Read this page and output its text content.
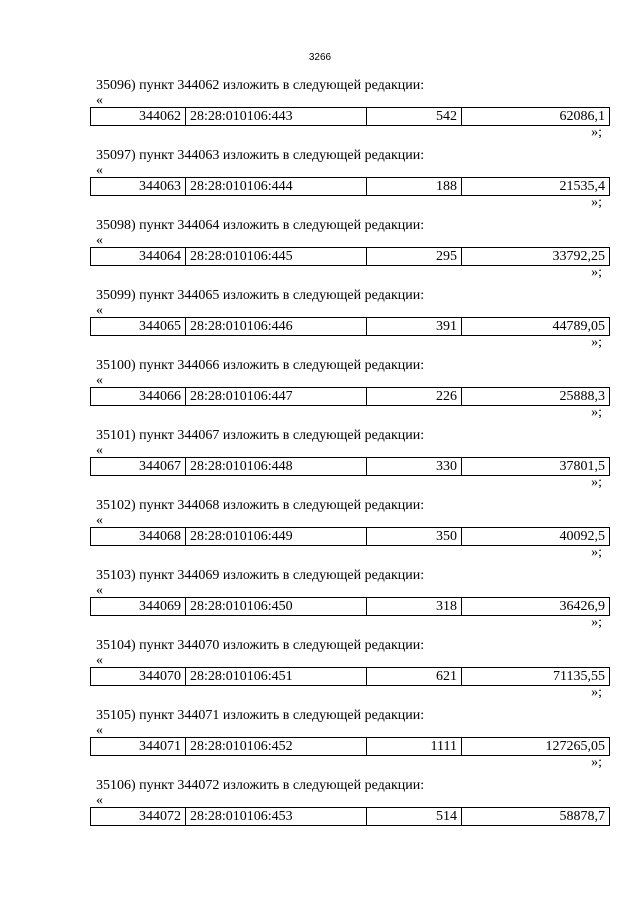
3266
35096) пункт 344062 изложить в следующей редакции:
«
344062	28:28:010106:443	542	62086,1
»;
35097) пункт 344063 изложить в следующей редакции:
«
344063	28:28:010106:444	188	21535,4
»;
35098) пункт 344064 изложить в следующей редакции:
«
344064	28:28:010106:445	295	33792,25
»;
35099) пункт 344065 изложить в следующей редакции:
«
344065	28:28:010106:446	391	44789,05
»;
35100) пункт 344066 изложить в следующей редакции:
«
344066	28:28:010106:447	226	25888,3
»;
35101) пункт 344067 изложить в следующей редакции:
«
344067	28:28:010106:448	330	37801,5
»;
35102) пункт 344068 изложить в следующей редакции:
«
344068	28:28:010106:449	350	40092,5
»;
35103) пункт 344069 изложить в следующей редакции:
«
344069	28:28:010106:450	318	36426,9
»;
35104) пункт 344070 изложить в следующей редакции:
«
344070	28:28:010106:451	621	71135,55
»;
35105) пункт 344071 изложить в следующей редакции:
«
344071	28:28:010106:452	1111	127265,05
»;
35106) пункт 344072 изложить в следующей редакции:
«
344072	28:28:010106:453	514	58878,7
